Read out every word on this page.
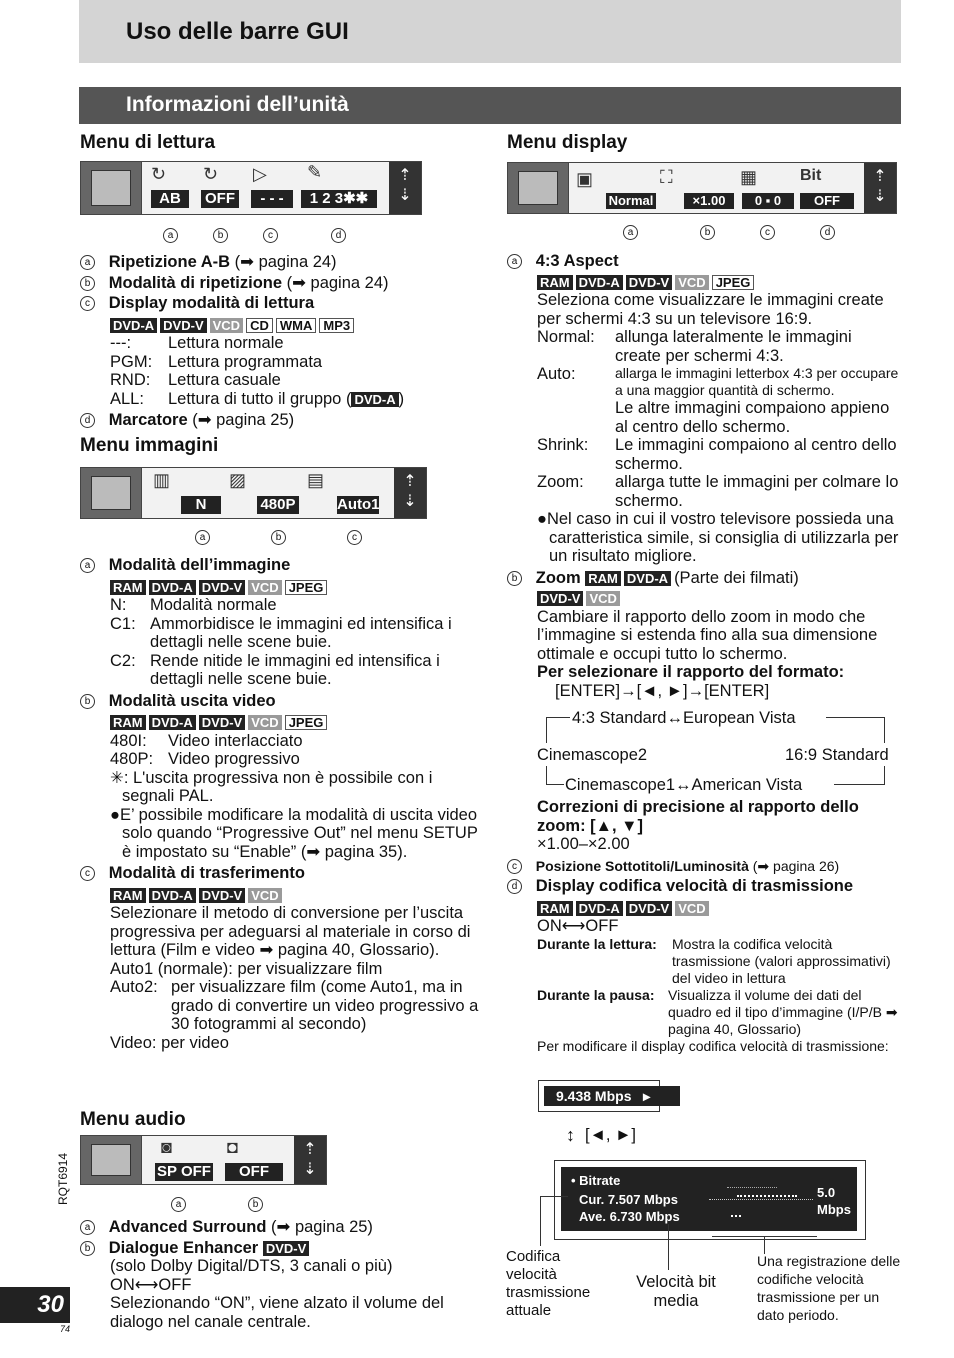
Uso delle barre GUI
Informazioni dell’unità
Menu di lettura
↻ ↻ ▷ ✎
AB	OFF	- - -	1 2 3✱✱
⇡
⇣
a	b	c	d
a Ripetizione A-B (➡ pagina 24)
b Modalità di ripetizione (➡ pagina 24)
c Display modalità di lettura
DVD-A DVD-V VCD CD WMA MP3
---: Lettura normale
PGM: Lettura programmata
RND: Lettura casuale
ALL: Lettura di tutto il gruppo ( DVD-A )
d Marcatore (➡ pagina 25)
Menu immagini
▥	▨	▤
N	480P	Auto1
⇡
⇣
a	b	c
a Modalità dell’immagine
RAM DVD-A DVD-V VCD JPEG
N:	Modalità normale
C1: Ammorbidisce le immagini ed intensifica i dettagli nelle scene buie.
C2: Rende nitide le immagini ed intensifica i dettagli nelle scene buie.
b Modalità uscita video
RAM DVD-A DVD-V VCD JPEG
480I:	Video interlacciato
480P: Video progressivo
✳: L'uscita progressiva non è possibile con i segnali PAL.
●E’ possibile modificare la modalità di uscita video solo quando “Progressive Out” nel menu SETUP è impostato su “Enable” (➡ pagina 35).
c Modalità di trasferimento
RAM DVD-A DVD-V VCD
Selezionare il metodo di conversione per l’uscita progressiva per adeguarsi al materiale in corso di lettura (Film e video ➡ pagina 40, Glossario).
Auto1 (normale): per visualizzare film
Auto2: per visualizzare film (come Auto1, ma in grado di convertire un video progressivo a 30 fotogrammi al secondo)
Video: per video
Menu audio
◙	◘
SP OFF	OFF
⇡
⇣
a	b
a Advanced Surround (➡ pagina 25)
b Dialogue Enhancer DVD-V
(solo Dolby Digital/DTS, 3 canali o più)
ON⟷OFF
Selezionando “ON”, viene alzato il volume del dialogo nel canale centrale.
Menu display
▣	⛶	▦	Bit
Normal	×1.00	0 ▪ 0	OFF
⇡
⇣
a	b	c	d
a 4:3 Aspect
RAM DVD-A DVD-V VCD JPEG
Seleziona come visualizzare le immagini create per schermi 4:3 su un televisore 16:9.
Normal:	allunga lateralmente le immagini create per schermi 4:3.
Auto:	allarga le immagini letterbox 4:3 per occupare a una maggior quantità di schermo.
Le altre immagini compaiono appieno al centro dello schermo.
Shrink:	Le immagini compaiono al centro dello schermo.
Zoom:	allarga tutte le immagini per colmare lo schermo.
●Nel caso in cui il vostro televisore possieda una caratteristica simile, si consiglia di utilizzarla per un risultato migliore.
b Zoom RAM DVD-A (Parte dei filmati)
DVD-V VCD
Cambiare il rapporto dello zoom in modo che l’immagine si estenda fino alla sua dimensione ottimale e occupi tutto lo schermo.
Per selezionare il rapporto del formato:
[ENTER]→[◄, ►]→[ENTER]
4:3 Standard↔European Vista
Cinemascope2	16:9 Standard
Cinemascope1↔American Vista
Correzioni di precisione al rapporto dello zoom: [▲, ▼]
×1.00–×2.00
c Posizione Sottotitoli/Luminosità (➡ pagina 26)
d Display codifica velocità di trasmissione
RAM DVD-A DVD-V VCD
ON⟷OFF
Durante la lettura:	Mostra la codifica velocità trasmissione (valori approssimativi) del video in lettura
Durante la pausa: Visualizza il volume dei dati del quadro ed il tipo d’immagine (I/P/B ➡ pagina 40, Glossario)
Per modificare il display codifica velocità di trasmissione:
9.438 Mbps   ▸
↕ [◄, ►]
• Bitrate
Cur. 7.507 Mbps
Ave. 6.730 Mbps
5.0
Mbps
Codifica velocità trasmissione attuale
Velocità bit media
Una registrazione delle codifiche velocità trasmissione per un dato periodo.
RQT6914
30
74
